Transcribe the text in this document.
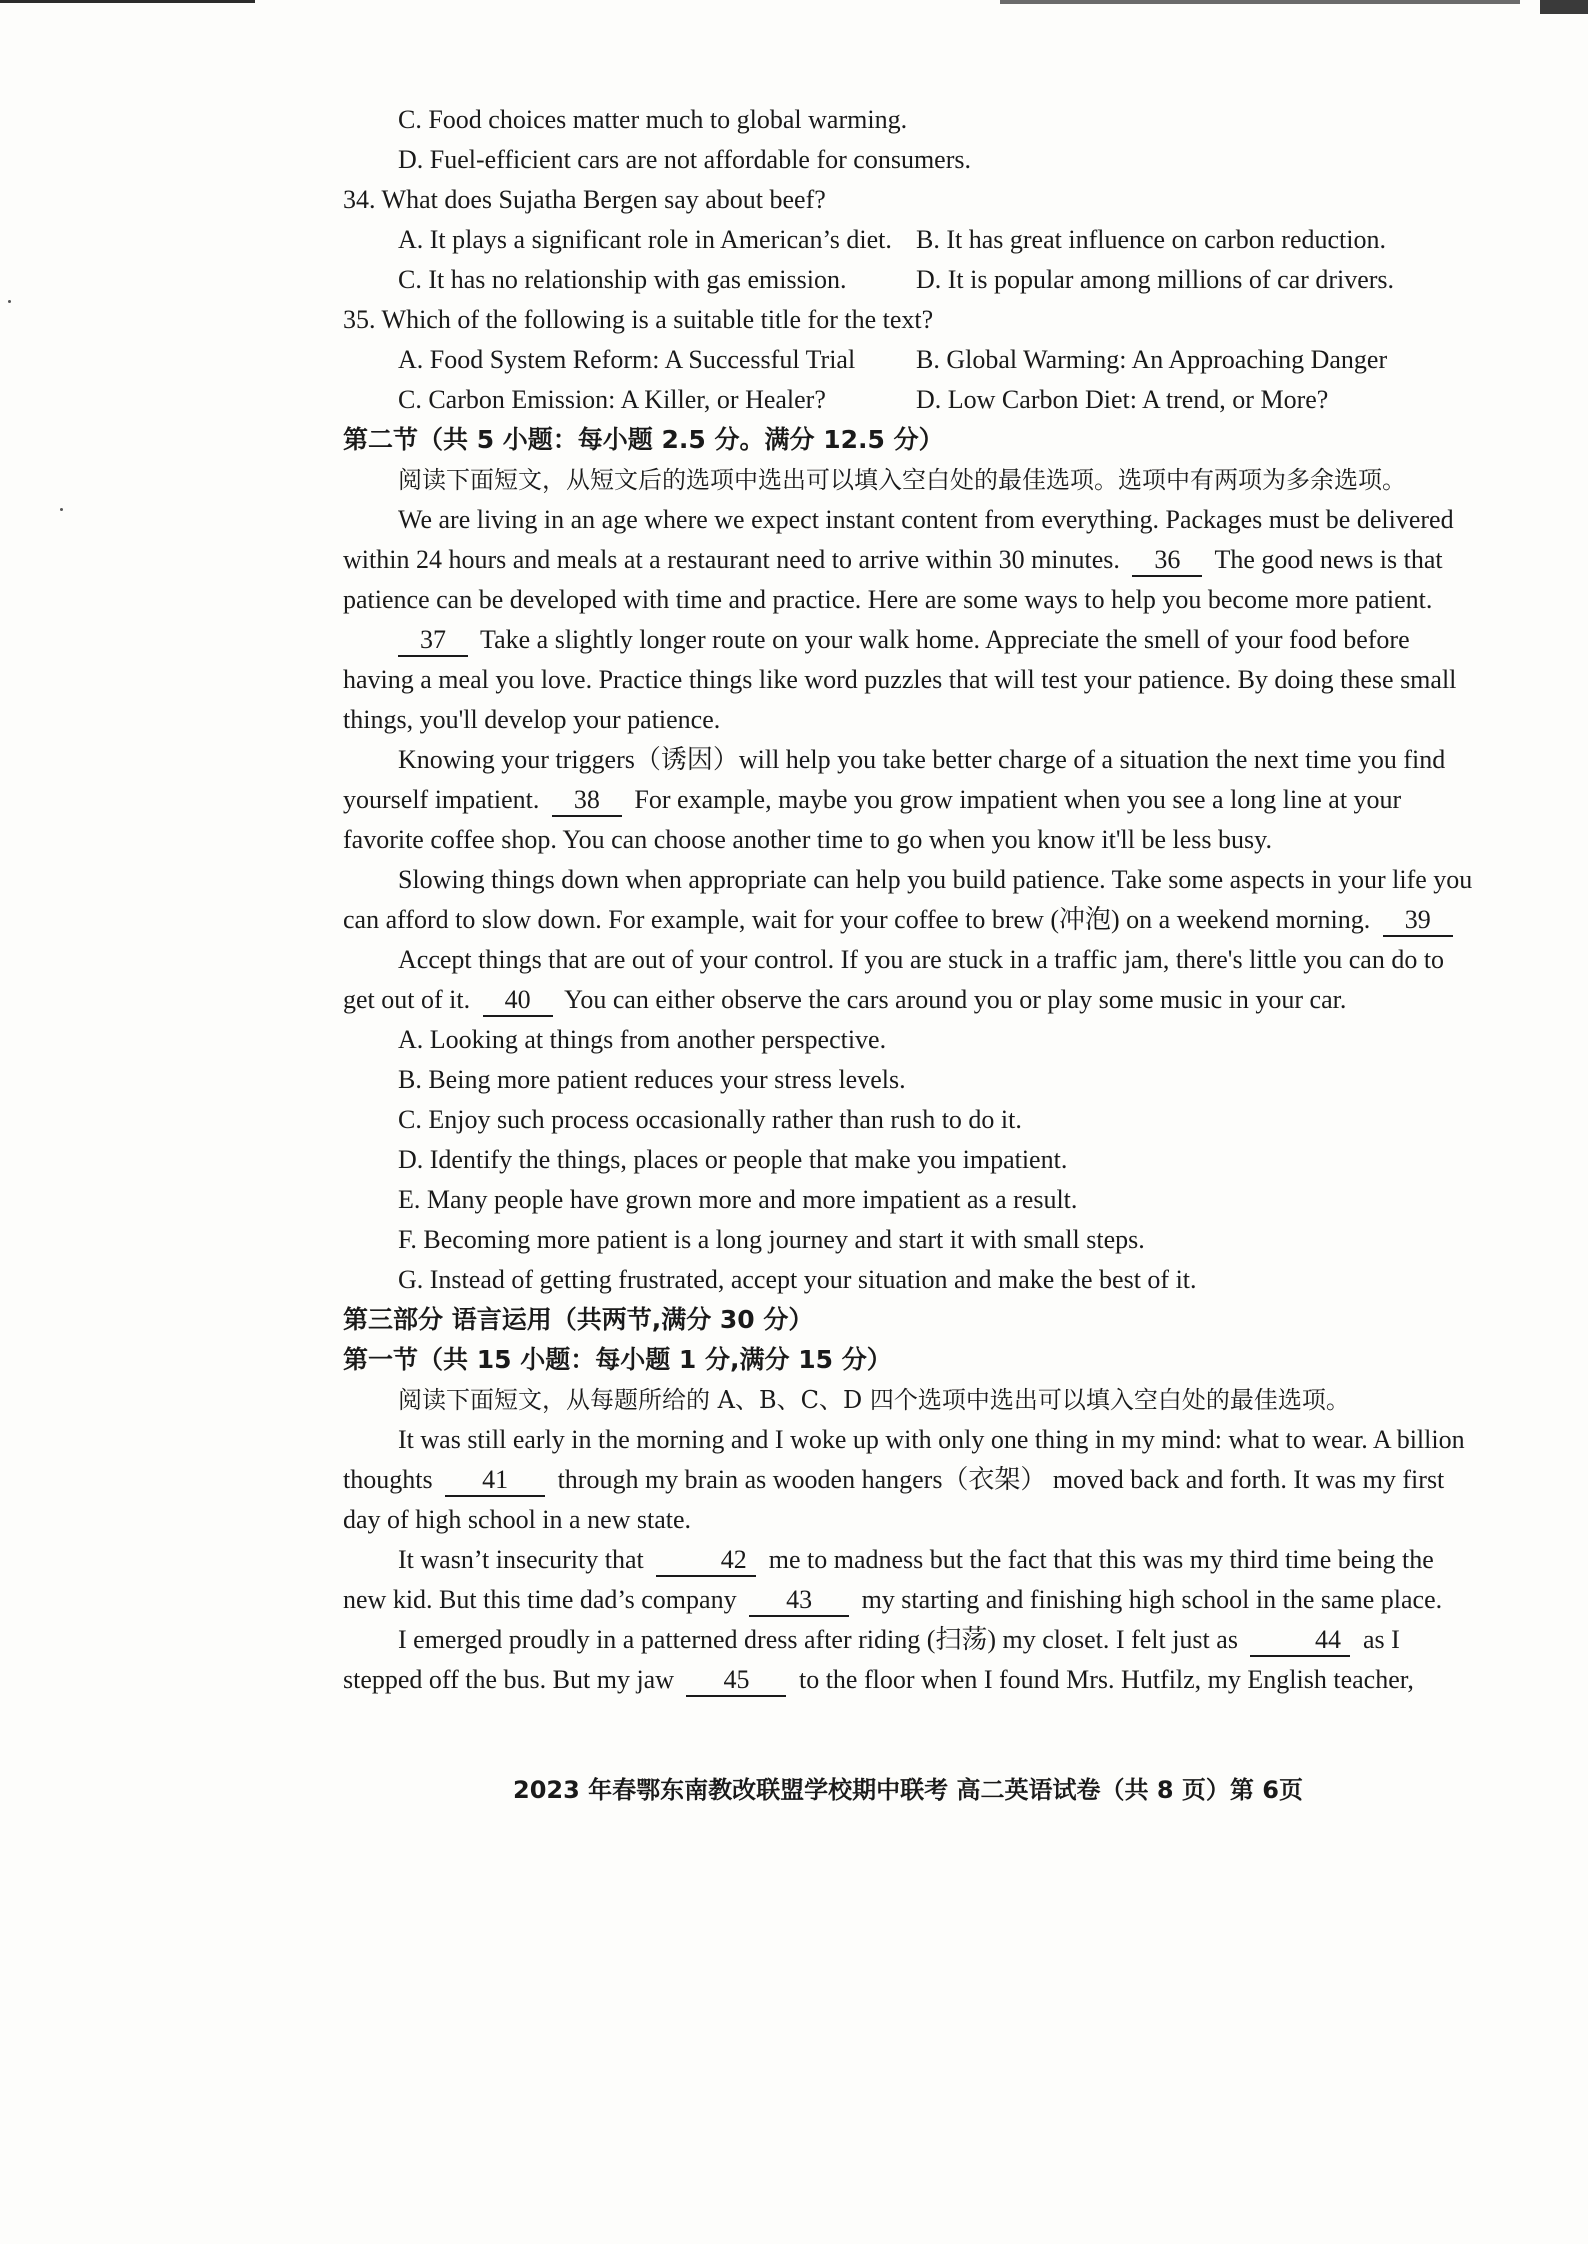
C. Food choices matter much to global warming.
D. Fuel-efficient cars are not affordable for consumers.
34. What does Sujatha Bergen say about beef?
A. It plays a significant role in American’s diet. B. It has great influence on carbon reduction.
C. It has no relationship with gas emission.	D. It is popular among millions of car drivers.
35. Which of the following is a suitable title for the text?
A. Food System Reform: A Successful Trial	B. Global Warming: An Approaching Danger
C. Carbon Emission: A Killer, or Healer?	D. Low Carbon Diet: A trend, or More?
第二节（共 5 小题：每小题 2.5 分。满分 12.5 分）
阅读下面短文，从短文后的选项中选出可以填入空白处的最佳选项。选项中有两项为多余选项。
We are living in an age where we expect instant content from everything. Packages must be delivered
within 24 hours and meals at a restaurant need to arrive within 30 minutes. 36 The good news is that
patience can be developed with time and practice. Here are some ways to help you become more patient.
37 Take a slightly longer route on your walk home. Appreciate the smell of your food before
having a meal you love. Practice things like word puzzles that will test your patience. By doing these small
things, you'll develop your patience.
Knowing your triggers（诱因）will help you take better charge of a situation the next time you find
yourself impatient. 38 For example, maybe you grow impatient when you see a long line at your
favorite coffee shop. You can choose another time to go when you know it'll be less busy.
Slowing things down when appropriate can help you build patience. Take some aspects in your life you
can afford to slow down. For example, wait for your coffee to brew (冲泡) on a weekend morning. 39
Accept things that are out of your control. If you are stuck in a traffic jam, there's little you can do to
get out of it. 40 You can either observe the cars around you or play some music in your car.
A. Looking at things from another perspective.
B. Being more patient reduces your stress levels.
C. Enjoy such process occasionally rather than rush to do it.
D. Identify the things, places or people that make you impatient.
E. Many people have grown more and more impatient as a result.
F. Becoming more patient is a long journey and start it with small steps.
G. Instead of getting frustrated, accept your situation and make the best of it.
第三部分 语言运用（共两节,满分 30 分）
第一节（共 15 小题：每小题 1 分,满分 15 分）
阅读下面短文，从每题所给的 A、B、C、D 四个选项中选出可以填入空白处的最佳选项。
It was still early in the morning and I woke up with only one thing in my mind: what to wear. A billion
thoughts 41 through my brain as wooden hangers（衣架） moved back and forth. It was my first
day of high school in a new state.
It wasn’t insecurity that	42 me to madness but the fact that this was my third time being the
new kid. But this time dad’s company 43 my starting and finishing high school in the same place.
I emerged proudly in a patterned dress after riding (扫荡) my closet. I felt just as	44 as I
stepped off the bus. But my jaw 45 to the floor when I found Mrs. Hutfilz, my English teacher,
2023 年春鄂东南教改联盟学校期中联考 高二英语试卷（共 8 页）第 6页
